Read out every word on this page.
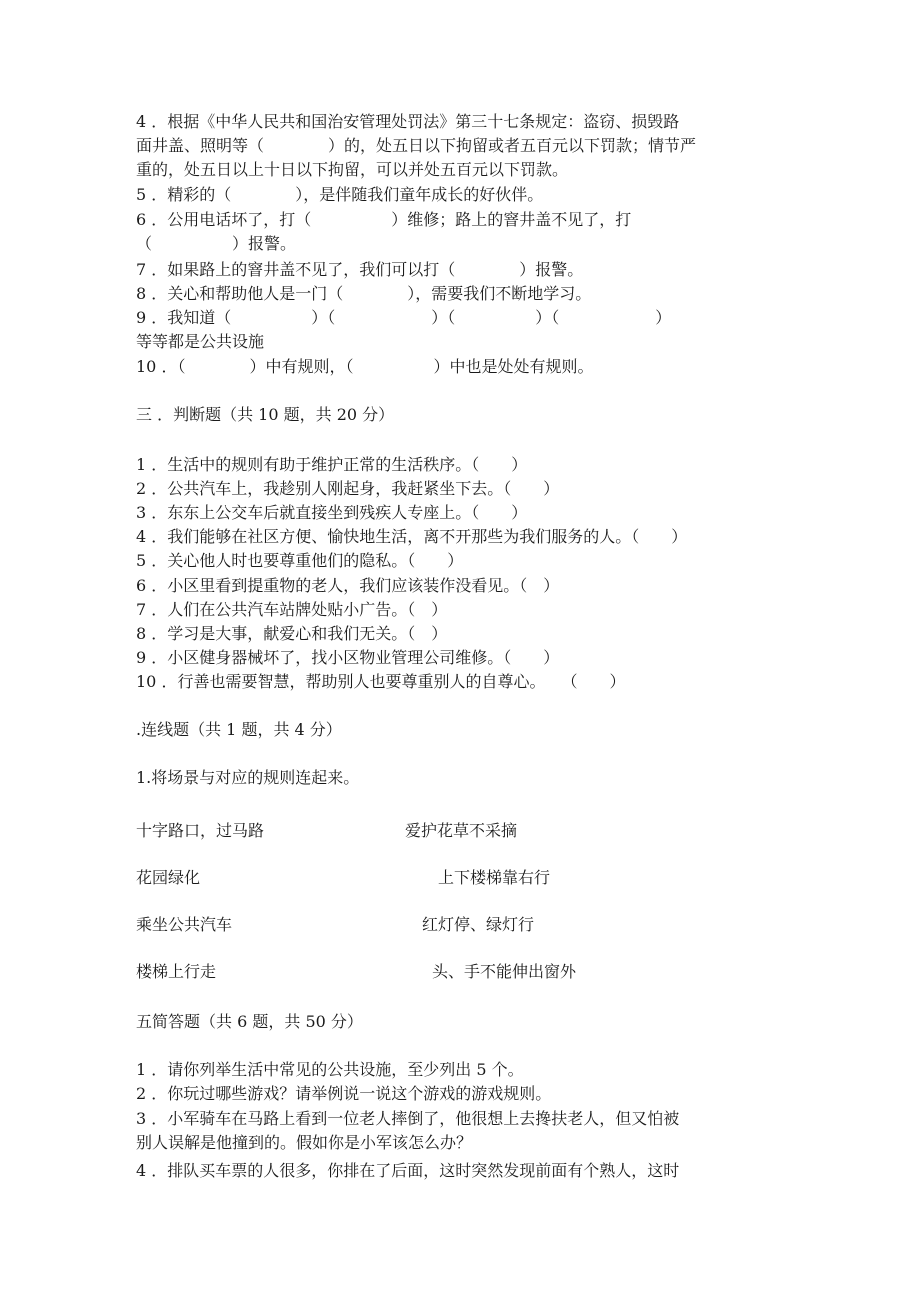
4 ．根据《中华人民共和国治安管理处罚法》第三十七条规定：盗窃、损毁路
面井盖、照明等（　　　　）的，处五日以下拘留或者五百元以下罚款；情节严
重的，处五日以上十日以下拘留，可以并处五百元以下罚款。
5 ．精彩的（　　　　），是伴随我们童年成长的好伙伴。
6 ．公用电话坏了，打（　　　　　）维修；路上的窨井盖不见了，打
（　　　　　）报警。
7 ．如果路上的窨井盖不见了，我们可以打（　　　　）报警。
8 ．关心和帮助他人是一门（　　　　），需要我们不断地学习。
9 ．我知道（　　　　　）（　　　　　　）（　　　　　）（　　　　　　）
等等都是公共设施
10 ．（　　　　）中有规则，（　　　　　）中也是处处有规则。
三 ．判断题（共 10 题，共 20 分）
1 ．生活中的规则有助于维护正常的生活秩序。（　　）
2 ．公共汽车上，我趁别人刚起身，我赶紧坐下去。（　　）
3 ．东东上公交车后就直接坐到残疾人专座上。（　　）
4 ．我们能够在社区方便、愉快地生活，离不开那些为我们服务的人。（　　）
5 ．关心他人时也要尊重他们的隐私。（　　）
6 ．小区里看到提重物的老人，我们应该装作没看见。（　）
7 ．人们在公共汽车站牌处贴小广告。（　）
8 ．学习是大事，献爱心和我们无关。（　）
9 ．小区健身器械坏了，找小区物业管理公司维修。（　　）
10 ．行善也需要智慧，帮助别人也要尊重别人的自尊心。　　（　　）
.连线题（共 1 题，共 4 分）
1.将场景与对应的规则连起来。
十字路口，过马路	爱护花草不采摘
花园绿化	上下楼梯靠右行
乘坐公共汽车	红灯停、绿灯行
楼梯上行走	头、手不能伸出窗外
五简答题（共 6 题，共 50 分）
1 ．请你列举生活中常见的公共设施，至少列出 5 个。
2 ．你玩过哪些游戏？请举例说一说这个游戏的游戏规则。
3 ．小军骑车在马路上看到一位老人摔倒了，他很想上去搀扶老人，但又怕被
别人误解是他撞到的。假如你是小军该怎么办？
4 ．排队买车票的人很多，你排在了后面，这时突然发现前面有个熟人，这时
